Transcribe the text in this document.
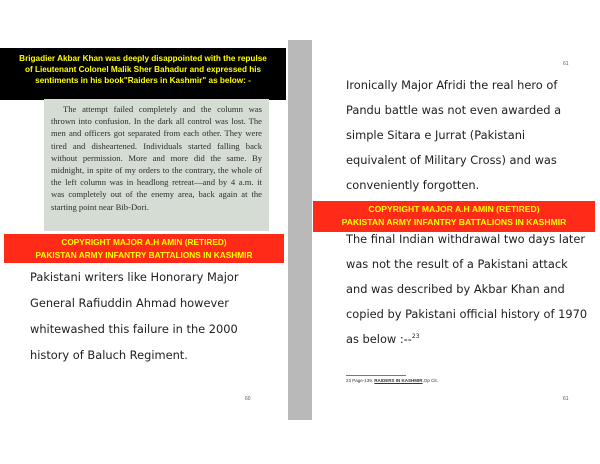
Brigadier Akbar Khan was deeply disappointed with the repulse
of Lieutenant Colonel Malik Sher Bahadur and expressed his
sentiments in his book"Raiders in Kashmir" as below: -

The attempt failed completely and the column was thrown into confusion. In the dark all control was lost. The men and officers got separated from each other. They were tired and disheartened. Individuals started falling back without permission. More and more did the same. By midnight, in spite of my orders to the contrary, the whole of the left column was in headlong retreat—and by 4 a.m. it was completely out of the enemy area, back again at the starting point near Bib-Dori.

COPYRIGHT MAJOR A.H AMIN (RETIRED)
PAKISTAN ARMY INFANTRY BATTALIONS IN KASHMIR
Pakistani writers like Honorary Major
General Rafiuddin Ahmad however
whitewashed this failure in the 2000
history of Baluch Regiment.
60
61
Ironically Major Afridi the real hero of
Pandu battle was not even awarded a
simple Sitara e Jurrat (Pakistani
equivalent of Military Cross) and was
conveniently forgotten.
COPYRIGHT MAJOR A.H AMIN (RETIRED)
PAKISTAN ARMY INFANTRY BATTALIONS IN KASHMIR
The final Indian withdrawal two days later
was not the result of a Pakistani attack
and was described by Akbar Khan and
copied by Pakistani official history of 1970
as below :--$^{23}$
23 Page-139. RAIDERS IN KASHMIR,Op Cit.
61
